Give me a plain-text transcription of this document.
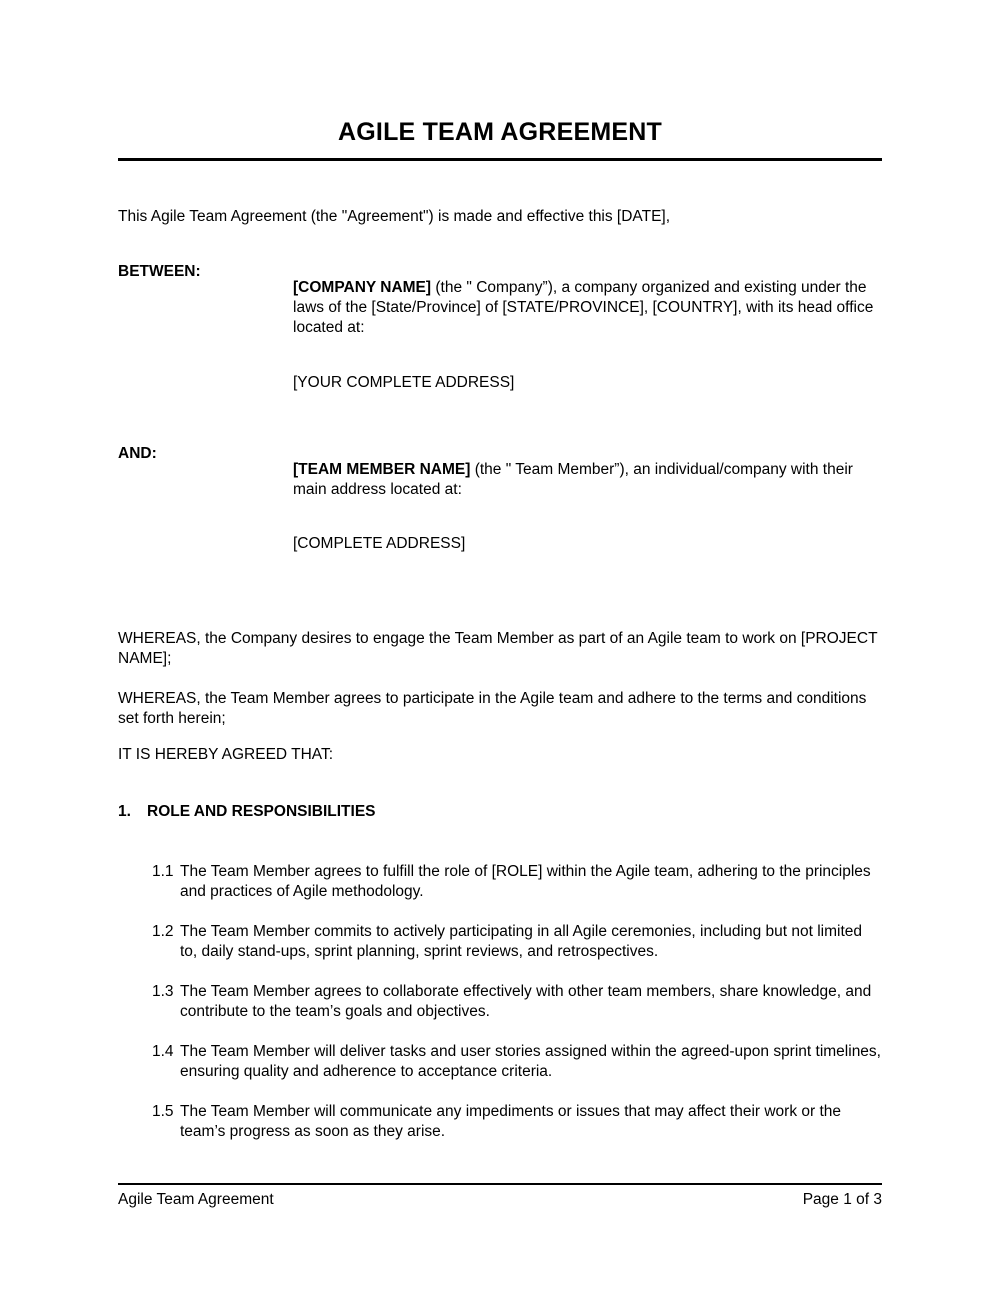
AGILE TEAM AGREEMENT

This Agile Team Agreement (the "Agreement") is made and effective this [DATE],

BETWEEN:

[COMPANY NAME] (the " Company”), a company organized and existing under the laws of the [State/Province] of [STATE/PROVINCE], [COUNTRY], with its head office located at:

[YOUR COMPLETE ADDRESS]

AND:

[TEAM MEMBER NAME] (the " Team Member”), an individual/company with their main address located at:

[COMPLETE ADDRESS]

WHEREAS, the Company desires to engage the Team Member as part of an Agile team to work on [PROJECT NAME];

WHEREAS, the Team Member agrees to participate in the Agile team and adhere to the terms and conditions set forth herein;

IT IS HEREBY AGREED THAT:

1.	ROLE AND RESPONSIBILITIES
1.1 The Team Member agrees to fulfill the role of [ROLE] within the Agile team, adhering to the principles and practices of Agile methodology.
1.2 The Team Member commits to actively participating in all Agile ceremonies, including but not limited to, daily stand-ups, sprint planning, sprint reviews, and retrospectives.
1.3 The Team Member agrees to collaborate effectively with other team members, share knowledge, and contribute to the team’s goals and objectives.
1.4 The Team Member will deliver tasks and user stories assigned within the agreed-upon sprint timelines, ensuring quality and adherence to acceptance criteria.
1.5 The Team Member will communicate any impediments or issues that may affect their work or the team’s progress as soon as they arise.
Agile Team Agreement	Page 1 of 3
